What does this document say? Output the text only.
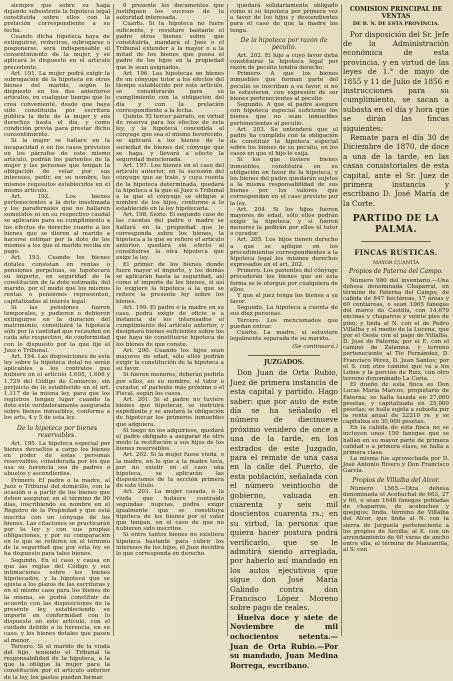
siempre que sobre su haga dejando subsistente la hipoteca legal constituida sobre ellos con la prelación correspondiente a su fecha.

Cuando dicha hipoteca haya de extinguirse, reducirse, subrogarse o posponerse, será indispensable el consentimiento de la mujer, y se aplicará lo dispuesto en el artículo precedente.

Art. 191. La mujer podrá exigir la subrogación de la hipoteca en otros bienes del marido, según lo dispuesto en los dos anteriores artículos, en cualquier tiempo que lo crea conveniente, desde que haya sido constituida por escritura pública la dote de la mujer y sus derechos hasta el día, y como condición previa para prestar dicho consentimiento.

Si la mujer se hallare en la incapacidad o en los casos previstos en los párrafos de este mismo artículo, podrán los parientes de la mujer y las personas que tengan la obligación de velar por sus intereses, pedir, en su nombre, los mismos requisitos establecidos en el mismo artículo.

Art. 192. Los bienes pertenecientes a la dote inestimada y los parafernales que no hallaren sometidos ni en su respectivo caudal se aplicarán para su cumplimiento a los efectos de derecho cuanto a los bienes que se dieren al marido a hacerse estimar por la dote de los mismos a los que el marido reciba en pago.

Art. 193. Cuando los bienes dotales consistan en rentas o pensiones perpetuas, se hipotecará su importe, en seguridad de la constitución de la dote estimada, del marido, por el modo que los mismos rentas o pensiones representen, capitalizadas al interés legal.

Si las pensiones fueren temporales, y pudieren o debieren extinguirse en la duración del matrimonio, constituirá la hipoteca sólo por la cantidad que recauden en cada año respectivo, de conformidad con lo dispuesto por la que fije el Juez o Tribunal.

Art. 194. Las disposiciones de esta ley sobre la hipoteca dotal no serán aplicables a los contratos que hubiere en el artículo 1.605, 1.606 y 1.729 del Código de Comercio, sin perjuicio de lo establecido en el art. 1.117 de la misma ley, para que los registros tengan lugar cuando la dote esté verdaderamente asegurada sobre bienes inmuebles, conforme a los arts. 4 y 5 de esta ley.

De la hipoteca por bienes reservables.

Art. 195. La hipoteca especial por bienes devueltos a cargo los bienes en poder de estas personas reservables, considerada por los que usa su herencia sea de padres o abuelos y ascendientes.

Primero. El padre o la madre, al Juez o Tribunal del domicilio, con la ocasión o a partir de los bienes que deben asegurar, en el término de 90 días, inscribiendo su nombre en el Registro de la Propiedad y que está inscrita con un cónyuge de los bienes. Las citaciones se practicarán por la ley y con sus propias obligaciones, y por su comparación en lo que se refieren en el término de la seguridad que por esta ley se ha dispuesto para tales bienes.

Segundo. En el caso y causa en que las reglas del Código y sus intimaciones sobre los bienes hipotecados, y la hipoteca que se ajusta a los plazos de las escrituras y en el mismo caso para los bienes de la misma, se podrá constituir de acuerdo con las disposiciones de la presente ley, estableciendo su importe en conformidad con lo dispuesto en este artículo, con el cuidado debido a la herencia, en su caso, y los bienes dotales que pasen al menor.

Tercero. Si el marido de la viuda del hijo, teniendo el Tribunal la responsabilidad de la hipoteca, a la que la obligue la mujer para la constitución por el artículo anterior de la ley, los gastos pueden formar.

6 presente los documentos que justifiquen los sucesos de la autoridad interesada.

Cuarto. Si la hipoteca no fuere suficiente, y resultare bastante el padre otros bienes sobre que constituirla, mandará el Juez o el Tribunal extender a la mayor o a la mitad de los bienes que posea el padre de los hijos en la propiedad que le sean asignados.

Art. 196. Las hipotecas en bienes de un cónyuge tutor a los efectos del tiempo establecido por este artículo, se considerarán para su cumplimiento con la obligación del día y con la prelación correspondiente a la fecha.

Quinto. El tercer párrafo, en virtud de reserva para los efectos de esta ley, y la hipoteca concedida al cónyuge que sea el mismo favorecido, se aplicará a los bienes de la sociedad de bienes del cónyuge que se haga, y llevará a efecto la seguridad mencionada.

Art. 197. Los bienes en el caso del artículo anterior, en la sucesión del cónyuge que se trate, y cuya cuenta de la hipoteca determinada, quedará la hipoteca a la que el Juez o Tribunal a la que el cónyuge se obligue a nombre de los hijos, conforme a lo establecido en la ley hipotecaria.

Art. 198. Sexto. El segundo caso de las cuentas del padre o madre se hallará en la propiedad que le corresponda sobre los bienes, la hipoteca a la que se refiere el artículo anterior, quedará sin efecto al constituirse la otra hipoteca que exige la ley.

El primer de los bienes donde fuere mayor el importe, y los demás se aplicarán hasta la seguridad, así como el importe de los bienes, si así lo exigiere la hipoteca a la que se refiere la presente ley sobre los bienes.

Art. 199. El padre o la madre en su caso, podrá exigir de oficio o a instancia de los interesados el cumplimiento del artículo anterior, y designará bienes suficientes sobre los que haya de constituirse hipoteca de los bienes de que conste.

Art. 200. Cuando los hijos sean mayores de edad, sólo ellos podrán exigir la constitución de la hipoteca a su favor.

Si fueren menores, deberán pedirla por ellos, en su nombre, el tutor o curador, el pariente más próximo o el Fiscal, según los casos.

Art. 201. Si el padre no tuviere bienes que hipotecar, se instruirá expediente y se anotará la obligación de hipotecar los primeros inmuebles que adquiera.

Si luego no los adquiriese, quedará el padre obligado a asegurar de otro modo la restitución a sus hijos de los bienes reservables.

Art. 202. Si la mujer fuese viuda, o la madre, en lo que a la madre toca, por no existir en el caso una hipoteca, se aplicarán las disposiciones de la sección primera de este título.

Art. 203. La mujer casada, o la viuda que hubiere contraído segundas nupcias, podrá exigir igualmente que se constituya hipoteca de los bienes por el valor que tengan, en el caso de que no hubieren sido inscritos.

Si entre tantos bienes no existiera hipoteca bastante para cubrir los intereses de los hijos, el Juez decidirá lo que corresponda en derecho.

quedará solidariamente obligado como si su hipoteca por primera vez a favor de los hijos y descendientes para el caso de que la madre los tenga.

De la hipoteca por razón de peculio.

Art. 202. El hijo a cuyo favor deba constituirse la hipoteca legal por razón de peculio tendrá derecho:

Primero. A que los bienes inmuebles que forman parte del peculio se inscriban a su favor, si no lo estuvieren, con expresión de ser bienes pertenecientes al peculio.

Segundo. A que el padre asegure con hipoteca especial suficiente los bienes que no sean inmuebles pertenecientes al peculio.

Art. 203. Se entenderá que el padre ha cumplido con la obligación de constituir la hipoteca especial sobre los bienes de su peculio, en los casos en que el hijo lo exija.

Si los que tuviere bienes inmuebles, constituirá en su obligación en favor de la hipoteca, y los bienes del padre quedarán sujetos a la misma responsabilidad de sus bienes por los valores que correspondan en el caso previsto por la ley.

Art. 204. Si los hijos fueren mayores de edad, sólo ellos podrán exigir la hipoteca, y si fueren menores la pedirán por ellos el tutor o curador.

Art. 205. Los hijos tienen derecho a que se aplique en los procedimientos correspondientes a la hipoteca legal los mismos derechos expresados en el art. 202.

Primero. Los parientes del cónyuge procederán los bienes que en esta forma se le otorgue por cualquiera de ellos.

Y que el juez tenga los bienes a su favor.

Segundo. La hipoteca a cuenta de sus diez personas.

Tercero. Los mencionados que puedan entrar.

Cuarto. La madre, si estuviere legalmente separada de su marido.

(Se continuará.)

JUZGADOS.

Don Juan de Orta Rubio, Juez de primera instancia de esta capital y partido. Hago saber: que por auto de este día se ha señalado el número de diecinueve próximo venidero de once a una de la tarde, en los estrados de este Juzgado, para el remate de una casa en la calle del Puerto, de esta población, señalada con el número veintiocho de gobierno, valuada en cuarenta y seis mil doscientos cuarenta rs.; en su virtud, la persona que quiera hacer postura podrá verificarlo, que se le admitirá siendo arreglada, por haberlo así mandado en los autos ejecutivos que sigue don José María Galindo contra don Francisco López Moreno sobre pago de reales.

Huelva doce y siete de Noviembre de mil ochocientos setenta.—Juan de Orta Rubio.—Por su mandado, Juan Medina Borrega, escribano.

COMISION PRINCIPAL DE VENTAS

DE B. N. DE ESTA PROVINCIA.

Por disposición del Sr. Jefe de la Administración económica de esta provincia, y en virtud de las leyes de 1.° de mayo de 1855 y 11 de Julio de 1856 e instrucciones para su cumplimiento, se sacan a subasta en el día y hora que se dirán las fincas siguientes:

Remate para el día 30 de Diciembre de 1870, de doce a una de la tarde, en las casas consistoriales de esta capital, ante el Sr. Juez de primera instancia y escribano D. José María de la Corte.

PARTIDO DE LA PALMA.

FINCAS RUSTICAS.

MAYOR CUANTÍA

Propios de Paterna del Campo.

Número 980 del inventario.—Una dehesa denominada Chaparral, en término de Paterna del Campo, de cabida de 847 hectáreas, 17 áreas y 60 centiáreas, o sean 1065 fanegas del marco de Castilla, con 14.670 encinas y chaparros y veinte pies de pino; y linda al N. con el de Pedro Villalba y el medio de la Lucena, que por el Oeste con el pago de Villalba, D. José de Paterna; por el E. con el camino de Zalamea, y terreno perteneciente al Tío Fernández, D. Francisco Pérez, D. Juan Santos; por el S. con otro camino que va a los Lobos y la porción de Ruiz, con otro terreno denominado La Coria.

El dueño de esta finca es Don Lucas María Marcos, propietario de Paterna; se halla tasada en 27,000 pesetas, y capitalizada en 25,000 pesetas; se halla sujeta a subasta por la renta anual de 22210 rs. y se capitaliza en 30,000 pesetas.

En la cabida de esta finca no se incluyen unos 150 fanegas que se hallan en su mayor parte de primera calidad o a primera clase, se halla a primera clase.

La misma fue aprovechada por D. José Antonio Rivero y Don Francisco García.

Propios de Villalba del Alcor.

Número 1565.—Otra dehesa denominada el Acebuchal de 663, 27 y 60, o sean 1648 fanegas pobladas de chaparros, de acebuches y quejigos; linda, término de Villalba del Alcor, que linda al N. con la sierra de Jerguela perteneciente a los propios de Sevilla; al E. con un arrendamiento de 60 varas de ancho entre ella, el término de Manzanilla, al S. con
